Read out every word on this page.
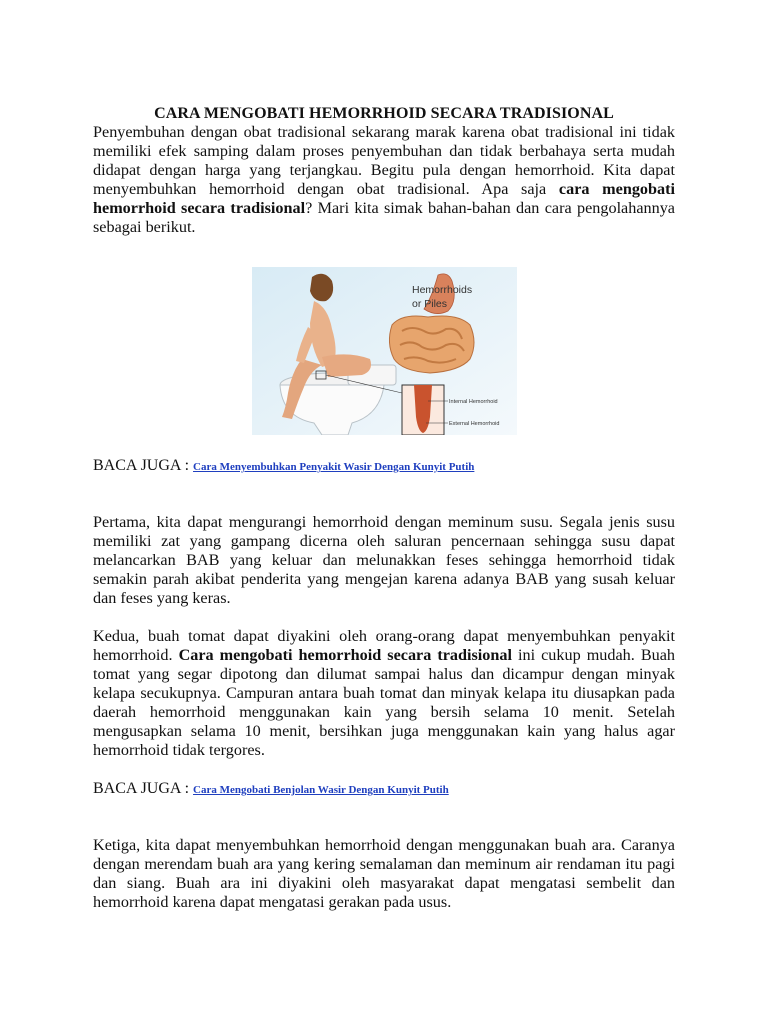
CARA MENGOBATI HEMORRHOID SECARA TRADISIONAL

Penyembuhan dengan obat tradisional sekarang marak karena obat tradisional ini tidak memiliki efek samping dalam proses penyembuhan dan tidak berbahaya serta mudah didapat dengan harga yang terjangkau. Begitu pula dengan hemorrhoid. Kita dapat menyembuhkan hemorrhoid dengan obat tradisional. Apa saja cara mengobati hemorrhoid secara tradisional? Mari kita simak bahan-bahan dan cara pengolahannya sebagai berikut.

Hemorrhoids
or Piles
Internal Hemorrhoid
External Hemorrhoid

BACA JUGA : Cara Menyembuhkan Penyakit Wasir Dengan Kunyit Putih

Pertama, kita dapat mengurangi hemorrhoid dengan meminum susu. Segala jenis susu memiliki zat yang gampang dicerna oleh saluran pencernaan sehingga susu dapat melancarkan BAB yang keluar dan melunakkan feses sehingga hemorrhoid tidak semakin parah akibat penderita yang mengejan karena adanya BAB yang susah keluar dan feses yang keras.

Kedua, buah tomat dapat diyakini oleh orang-orang dapat menyembuhkan penyakit hemorrhoid. Cara mengobati hemorrhoid secara tradisional ini cukup mudah. Buah tomat yang segar dipotong dan dilumat sampai halus dan dicampur dengan minyak kelapa secukupnya. Campuran antara buah tomat dan minyak kelapa itu diusapkan pada daerah hemorrhoid menggunakan kain yang bersih selama 10 menit. Setelah mengusapkan selama 10 menit, bersihkan juga menggunakan kain yang halus agar hemorrhoid tidak tergores.

BACA JUGA : Cara Mengobati Benjolan Wasir Dengan Kunyit Putih

Ketiga, kita dapat menyembuhkan hemorrhoid dengan menggunakan buah ara. Caranya dengan merendam buah ara yang kering semalaman dan meminum air rendaman itu pagi dan siang. Buah ara ini diyakini oleh masyarakat dapat mengatasi sembelit dan hemorrhoid karena dapat mengatasi gerakan pada usus.
